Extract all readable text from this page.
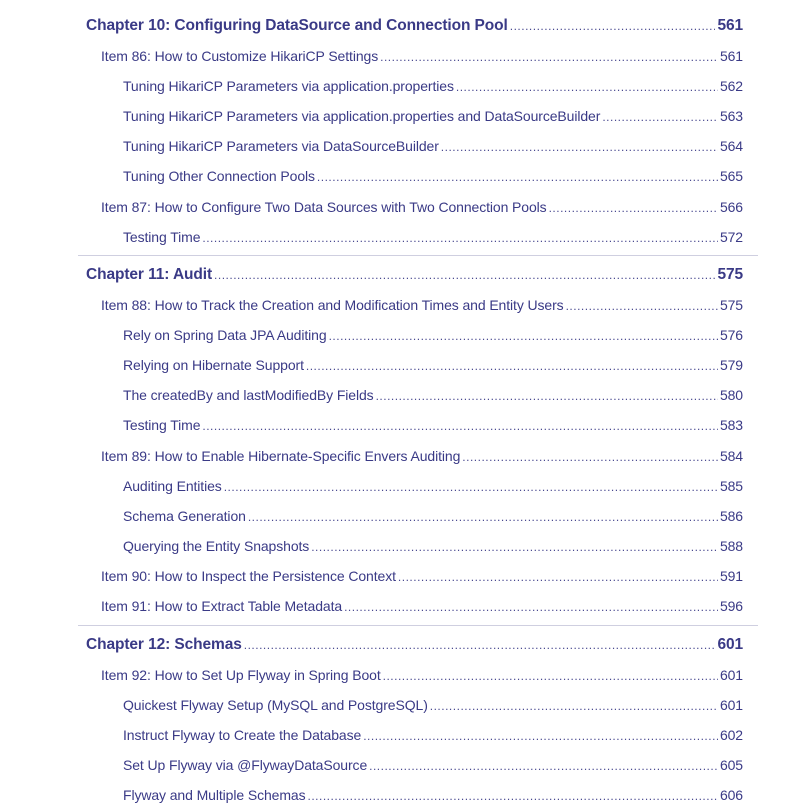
Chapter 10: Configuring DataSource and Connection Pool .....	561
Item 86: How to Customize HikariCP Settings .....	561
Tuning HikariCP Parameters via application.properties .....	562
Tuning HikariCP Parameters via application.properties and DataSourceBuilder .....	563
Tuning HikariCP Parameters via DataSourceBuilder .....	564
Tuning Other Connection Pools .....	565
Item 87: How to Configure Two Data Sources with Two Connection Pools .....	566
Testing Time .....	572
Chapter 11: Audit .....	575
Item 88: How to Track the Creation and Modification Times and Entity Users .....	575
Rely on Spring Data JPA Auditing .....	576
Relying on Hibernate Support .....	579
The createdBy and lastModifiedBy Fields .....	580
Testing Time .....	583
Item 89: How to Enable Hibernate-Specific Envers Auditing .....	584
Auditing Entities .....	585
Schema Generation .....	586
Querying the Entity Snapshots .....	588
Item 90: How to Inspect the Persistence Context .....	591
Item 91: How to Extract Table Metadata .....	596
Chapter 12: Schemas .....	601
Item 92: How to Set Up Flyway in Spring Boot .....	601
Quickest Flyway Setup (MySQL and PostgreSQL) .....	601
Instruct Flyway to Create the Database .....	602
Set Up Flyway via @FlywayDataSource .....	605
Flyway and Multiple Schemas .....	606
